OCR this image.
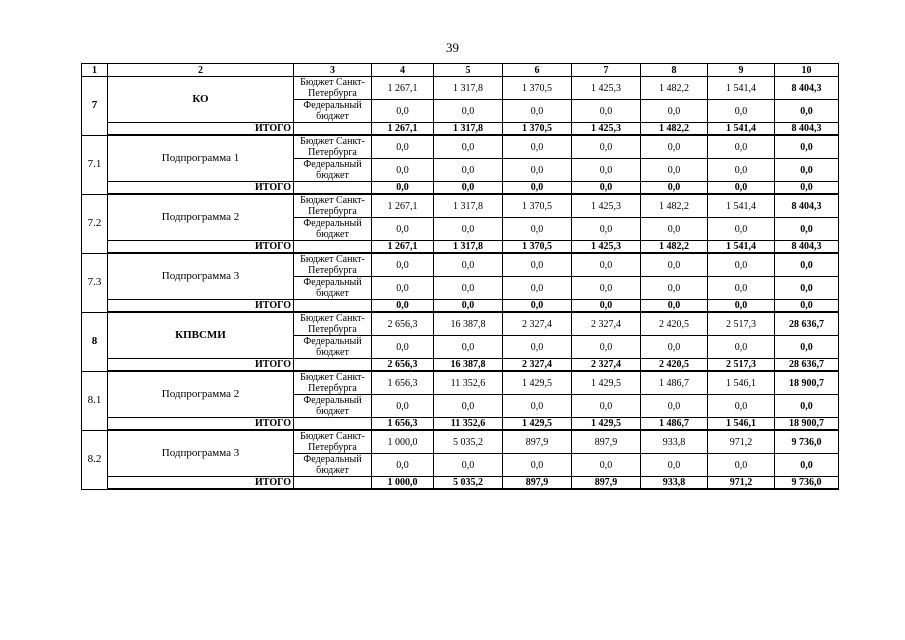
39
1	2	3	4	5	6	7	8	9	10
7	КО	Бюджет Санкт-Петербурга	1 267,1	1 317,8	1 370,5	1 425,3	1 482,2	1 541,4	8 404,3
		Федеральный бюджет	0,0	0,0	0,0	0,0	0,0	0,0	0,0
	ИТОГО		1 267,1	1 317,8	1 370,5	1 425,3	1 482,2	1 541,4	8 404,3
7.1	Подпрограмма 1	Бюджет Санкт-Петербурга	0,0	0,0	0,0	0,0	0,0	0,0	0,0
		Федеральный бюджет	0,0	0,0	0,0	0,0	0,0	0,0	0,0
	ИТОГО		0,0	0,0	0,0	0,0	0,0	0,0	0,0
7.2	Подпрограмма 2	Бюджет Санкт-Петербурга	1 267,1	1 317,8	1 370,5	1 425,3	1 482,2	1 541,4	8 404,3
		Федеральный бюджет	0,0	0,0	0,0	0,0	0,0	0,0	0,0
	ИТОГО		1 267,1	1 317,8	1 370,5	1 425,3	1 482,2	1 541,4	8 404,3
7.3	Подпрограмма 3	Бюджет Санкт-Петербурга	0,0	0,0	0,0	0,0	0,0	0,0	0,0
		Федеральный бюджет	0,0	0,0	0,0	0,0	0,0	0,0	0,0
	ИТОГО		0,0	0,0	0,0	0,0	0,0	0,0	0,0
8	КПВСМИ	Бюджет Санкт-Петербурга	2 656,3	16 387,8	2 327,4	2 327,4	2 420,5	2 517,3	28 636,7
		Федеральный бюджет	0,0	0,0	0,0	0,0	0,0	0,0	0,0
	ИТОГО		2 656,3	16 387,8	2 327,4	2 327,4	2 420,5	2 517,3	28 636,7
8.1	Подпрограмма 2	Бюджет Санкт-Петербурга	1 656,3	11 352,6	1 429,5	1 429,5	1 486,7	1 546,1	18 900,7
		Федеральный бюджет	0,0	0,0	0,0	0,0	0,0	0,0	0,0
	ИТОГО		1 656,3	11 352,6	1 429,5	1 429,5	1 486,7	1 546,1	18 900,7
8.2	Подпрограмма 3	Бюджет Санкт-Петербурга	1 000,0	5 035,2	897,9	897,9	933,8	971,2	9 736,0
		Федеральный бюджет	0,0	0,0	0,0	0,0	0,0	0,0	0,0
	ИТОГО		1 000,0	5 035,2	897,9	897,9	933,8	971,2	9 736,0
